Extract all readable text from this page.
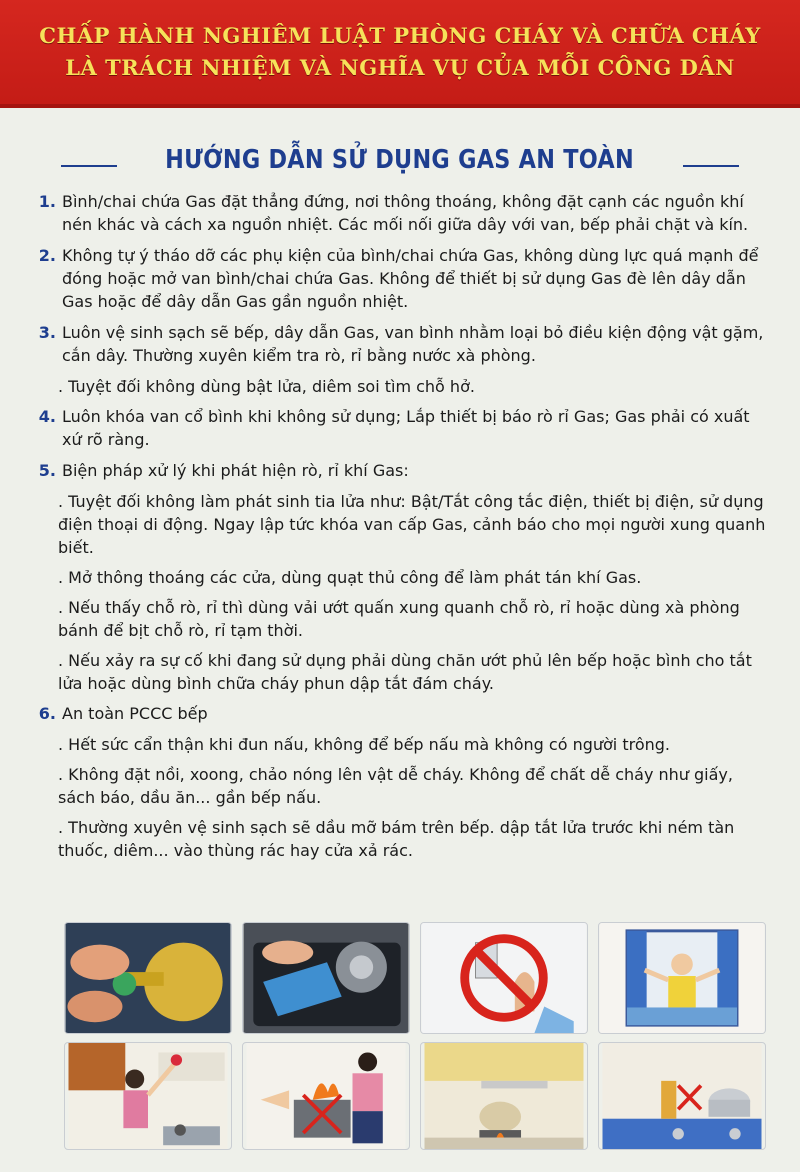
CHẤP HÀNH NGHIÊM LUẬT PHÒNG CHÁY VÀ CHỮA CHÁY
LÀ TRÁCH NHIỆM VÀ NGHĨA VỤ CỦA MỖI CÔNG DÂN
HƯỚNG DẪN SỬ DỤNG GAS AN TOÀN
1. Bình/chai chứa Gas đặt thẳng đứng, nơi thông thoáng, không đặt cạnh các nguồn khí nén khác và cách xa nguồn nhiệt. Các mối nối giữa dây với van, bếp phải chặt và kín.
2. Không tự ý tháo dỡ các phụ kiện của bình/chai chứa Gas, không dùng lực quá mạnh để đóng hoặc mở van bình/chai chứa Gas. Không để thiết bị sử dụng Gas đè lên dây dẫn Gas hoặc để dây dẫn Gas gần nguồn nhiệt.
3. Luôn vệ sinh sạch sẽ bếp, dây dẫn Gas, van bình nhằm loại bỏ điều kiện động vật gặm, cắn dây. Thường xuyên kiểm tra rò, rỉ bằng nước xà phòng.
. Tuyệt đối không dùng bật lửa, diêm soi tìm chỗ hở.
4. Luôn khóa van cổ bình khi không sử dụng; Lắp thiết bị báo rò rỉ Gas; Gas phải có xuất xứ rõ ràng.
5. Biện pháp xử lý khi phát hiện rò, rỉ khí Gas:
. Tuyệt đối không làm phát sinh tia lửa như: Bật/Tắt công tắc điện, thiết bị điện, sử dụng điện thoại di động. Ngay lập tức khóa van cấp Gas, cảnh báo cho mọi người xung quanh biết.
. Mở thông thoáng các cửa, dùng quạt thủ công để làm phát tán khí Gas.
. Nếu thấy chỗ rò, rỉ thì dùng vải ướt quấn xung quanh chỗ rò, rỉ hoặc dùng xà phòng bánh để bịt chỗ rò, rỉ tạm thời.
. Nếu xảy ra sự cố khi đang sử dụng phải dùng chăn ướt phủ lên bếp hoặc bình cho tắt lửa hoặc dùng bình chữa cháy phun dập tắt đám cháy.
6. An toàn PCCC bếp
. Hết sức cẩn thận khi đun nấu, không để bếp nấu mà không có người trông.
. Không đặt nồi, xoong, chảo nóng lên vật dễ cháy. Không để chất dễ cháy như giấy, sách báo, dầu ăn... gần bếp nấu.
. Thường xuyên vệ sinh sạch sẽ dầu mỡ bám trên bếp. dập tắt lửa trước khi ném tàn thuốc, diêm... vào thùng rác hay cửa xả rác.
